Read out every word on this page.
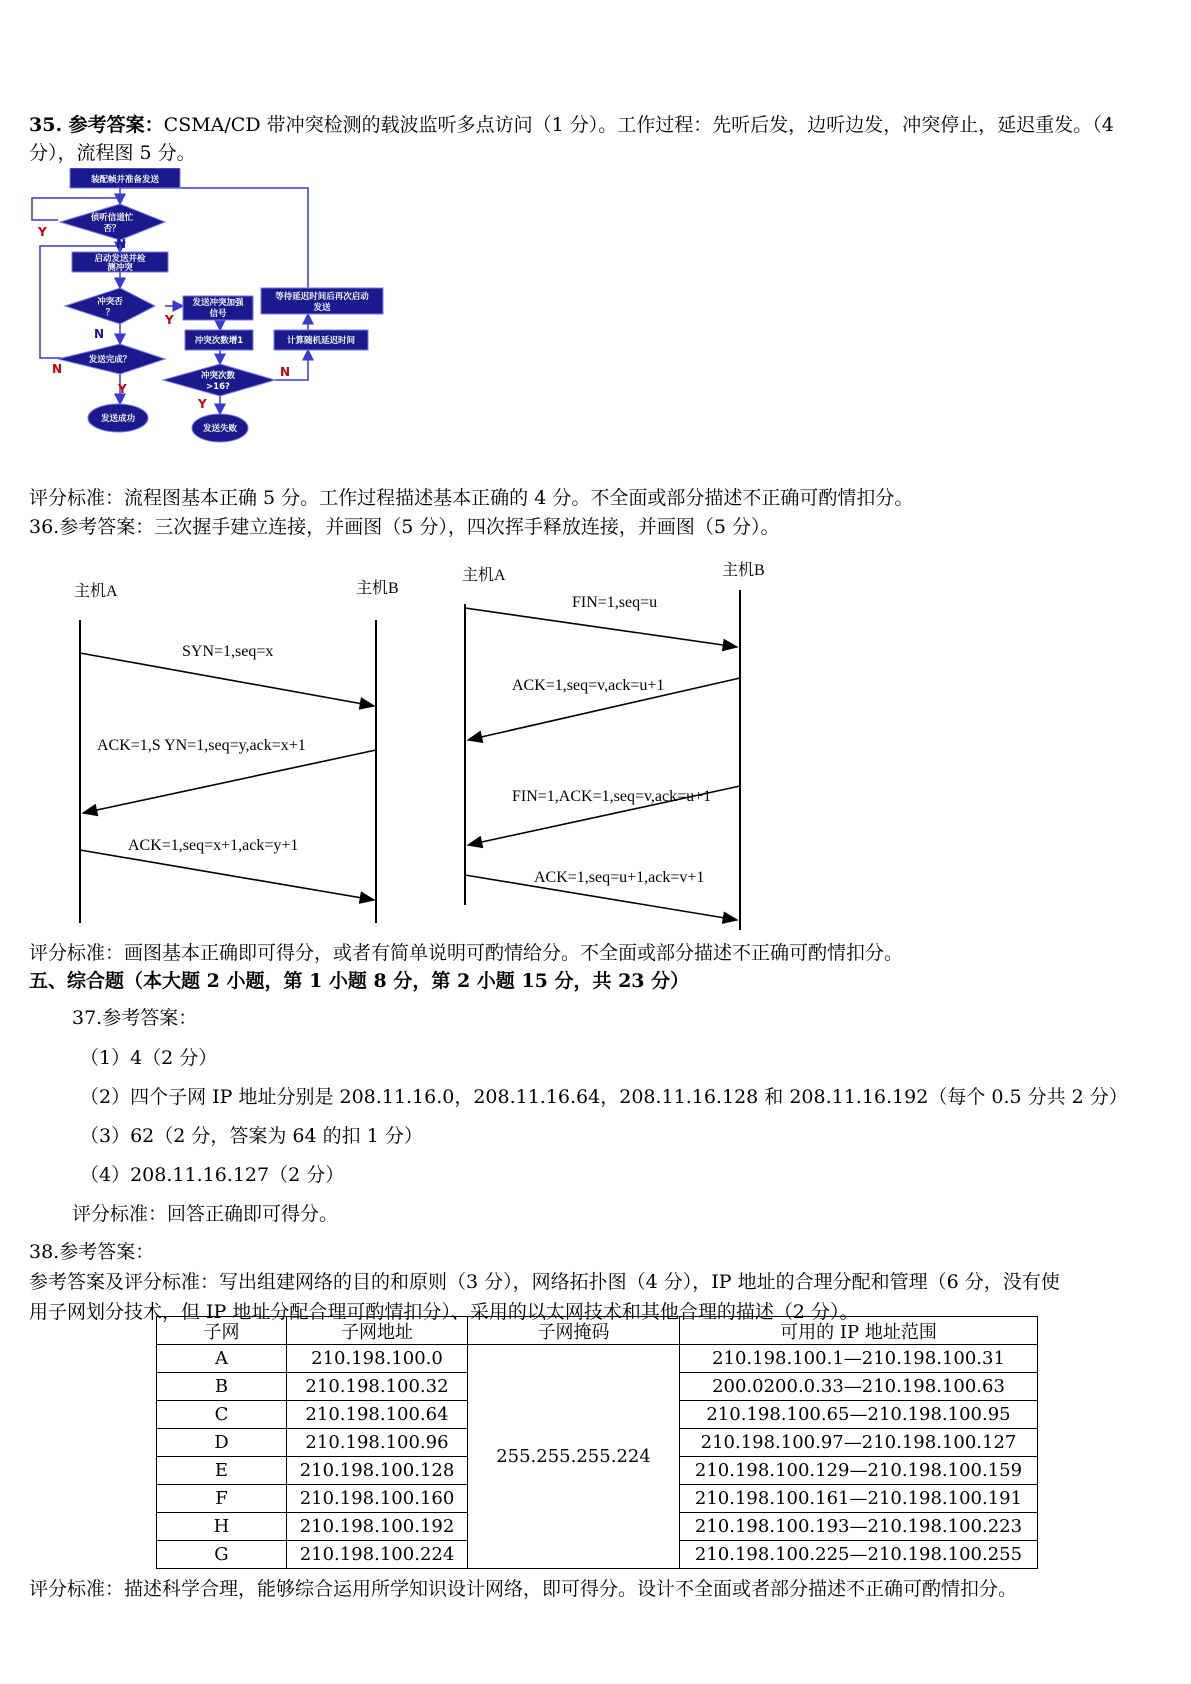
35. 参考答案：CSMA/CD 带冲突检测的载波监听多点访问（1 分）。工作过程：先听后发，边听边发，冲突停止，延迟重发。（4
分），流程图 5 分。
装配帧并准备发送
侦听信道忙
否？
启动发送并检
测冲突
冲突否
？
发送完成？
发送冲突加强
信号
冲突次数增1
冲突次数
>16?
等待延迟时间后再次启动
发送
计算随机延迟时间
发送成功
发送失败
Y
N
Y
N
N
Y
Y
N
评分标准：流程图基本正确 5 分。工作过程描述基本正确的 4 分。不全面或部分描述不正确可酌情扣分。
36.参考答案：三次握手建立连接，并画图（5 分），四次挥手释放连接，并画图（5 分）。
主机A	主机B
主机A	主机B
SYN=1,seq=x
ACK=1,S YN=1,seq=y,ack=x+1
ACK=1,seq=x+1,ack=y+1
FIN=1,seq=u
ACK=1,seq=v,ack=u+1
FIN=1,ACK=1,seq=v,ack=u+1
ACK=1,seq=u+1,ack=v+1
评分标准：画图基本正确即可得分，或者有简单说明可酌情给分。不全面或部分描述不正确可酌情扣分。
五、综合题（本大题 2 小题，第 1 小题 8 分，第 2 小题 15 分，共 23 分）
37.参考答案：
（1）4（2 分）
（2）四个子网 IP 地址分别是 208.11.16.0，208.11.16.64，208.11.16.128 和 208.11.16.192（每个 0.5 分共 2 分）
（3）62（2 分，答案为 64 的扣 1 分）
（4）208.11.16.127（2 分）
评分标准：回答正确即可得分。
38.参考答案：
参考答案及评分标准：写出组建网络的目的和原则（3 分），网络拓扑图（4 分），IP 地址的合理分配和管理（6 分，没有使
用子网划分技术，但 IP 地址分配合理可酌情扣分）、采用的以太网技术和其他合理的描述（2 分）。
子网	子网地址	子网掩码	可用的 IP 地址范围
A	210.198.100.0	255.255.255.224	210.198.100.1—210.198.100.31
B	210.198.100.32		200.0200.0.33—210.198.100.63
C	210.198.100.64		210.198.100.65—210.198.100.95
D	210.198.100.96		210.198.100.97—210.198.100.127
E	210.198.100.128		210.198.100.129—210.198.100.159
F	210.198.100.160		210.198.100.161—210.198.100.191
H	210.198.100.192		210.198.100.193—210.198.100.223
G	210.198.100.224		210.198.100.225—210.198.100.255
评分标准：描述科学合理，能够综合运用所学知识设计网络，即可得分。设计不全面或者部分描述不正确可酌情扣分。
